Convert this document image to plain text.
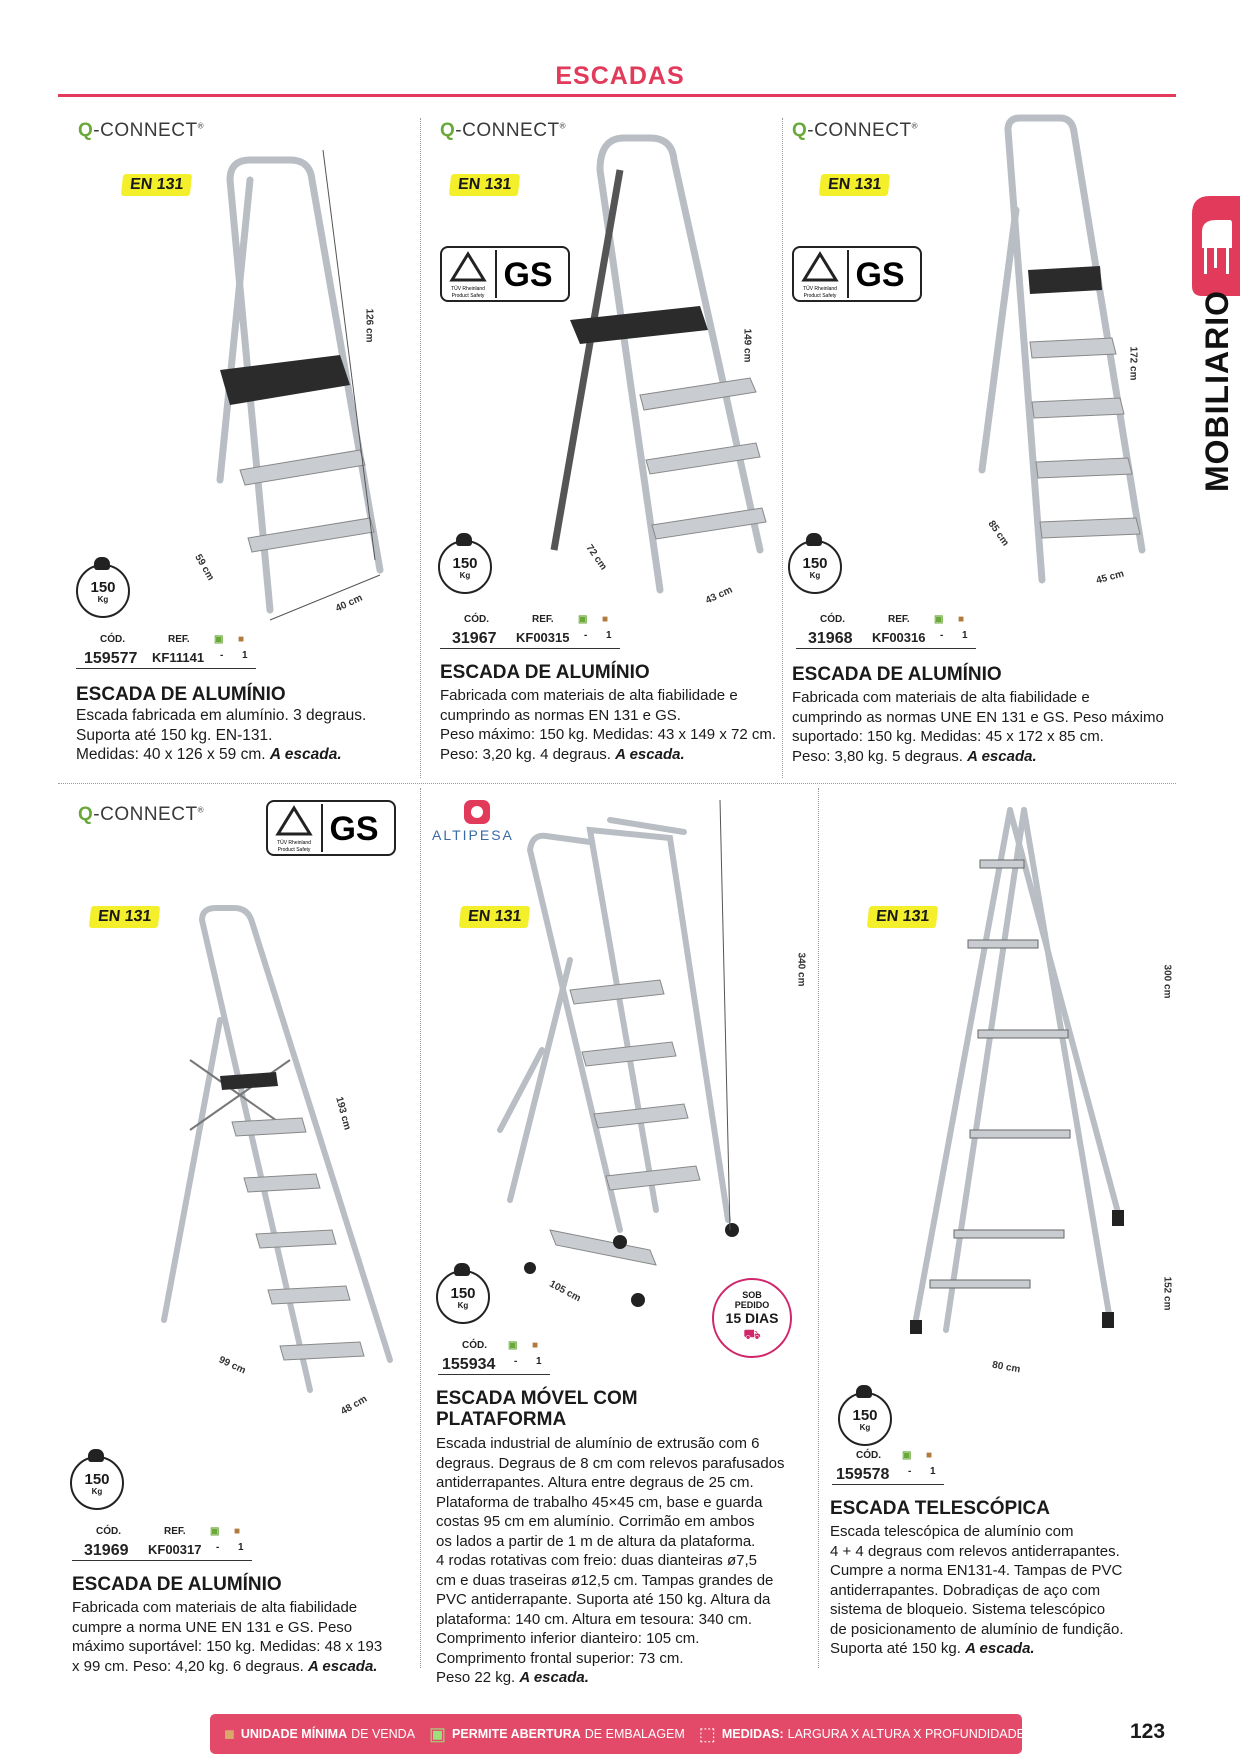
ESCADAS
MOBILIARIO
Q-CONNECT®
EN 131
126 cm
59 cm
40 cm
150
Kg
CÓD.	REF. ▣ ■
159577 KF11141 - 1
ESCADA DE ALUMÍNIO
Escada fabricada em alumínio. 3 degraus.
Suporta até 150 kg. EN-131.
Medidas: 40 x 126 x 59 cm. A escada.
Q-CONNECT®
EN 131
TÜV Rheinland
Product Safety
GS
149 cm
72 cm
43 cm
150
Kg
CÓD.	REF. ▣ ■
31967 KF00315 - 1
ESCADA DE ALUMÍNIO
Fabricada com materiais de alta fiabilidade e
cumprindo as normas EN 131 e GS.
Peso máximo: 150 kg. Medidas: 43 x 149 x 72 cm.
Peso: 3,20 kg. 4 degraus. A escada.
Q-CONNECT®
EN 131
TÜV Rheinland
Product Safety
GS
172 cm
85 cm
45 cm
150
Kg
CÓD.	REF. ▣ ■
31968 KF00316 - 1
ESCADA DE ALUMÍNIO
Fabricada com materiais de alta fiabilidade e
cumprindo as normas UNE EN 131 e GS. Peso máximo
suportado: 150 kg. Medidas: 45 x 172 x 85 cm.
Peso: 3,80 kg. 5 degraus. A escada.
Q-CONNECT®
TÜV Rheinland
Product Safety
GS
EN 131
193 cm
99 cm
48 cm
150
Kg
CÓD.	REF. ▣ ■
31969 KF00317 - 1
ESCADA DE ALUMÍNIO
Fabricada com materiais de alta fiabilidade
cumpre a norma UNE EN 131 e GS. Peso
máximo suportável: 150 kg. Medidas: 48 x 193
x 99 cm. Peso: 4,20 kg. 6 degraus. A escada.
ALTIPESA
EN 131
340 cm
105 cm
150
Kg
SOB
PEDIDO
15 DIAS
⛟
CÓD. ▣ ■
155934 - 1
ESCADA MÓVEL COM
PLATAFORMA
Escada industrial de alumínio de extrusão com 6
degraus. Degraus de 8 cm com relevos parafusados
antiderrapantes. Altura entre degraus de 25 cm.
Plataforma de trabalho 45×45 cm, base e guarda
costas 95 cm em alumínio. Corrimão em ambos
os lados a partir de 1 m de altura da plataforma.
4 rodas rotativas com freio: duas dianteiras ø7,5
cm e duas traseiras ø12,5 cm. Tampas grandes de
PVC antiderrapante. Suporta até 150 kg. Altura da
plataforma: 140 cm. Altura em tesoura: 340 cm.
Comprimento inferior dianteiro: 105 cm.
Comprimento frontal superior: 73 cm.
Peso 22 kg. A escada.
EN 131
300 cm
152 cm
80 cm
150
Kg
CÓD. ▣ ■
159578 - 1
ESCADA TELESCÓPICA
Escada telescópica de alumínio com
4 + 4 degraus com relevos antiderrapantes.
Cumpre a norma EN131-4. Tampas de PVC
antiderrapantes. Dobradiças de aço com
sistema de bloqueio. Sistema telescópico
de posicionamento de alumínio de fundição.
Suporta até 150 kg. A escada.
■ UNIDADE MÍNIMA DE VENDA ▣ PERMITE ABERTURA DE EMBALAGEM ⬚ MEDIDAS: LARGURA X ALTURA X PROFUNDIDADE	123
